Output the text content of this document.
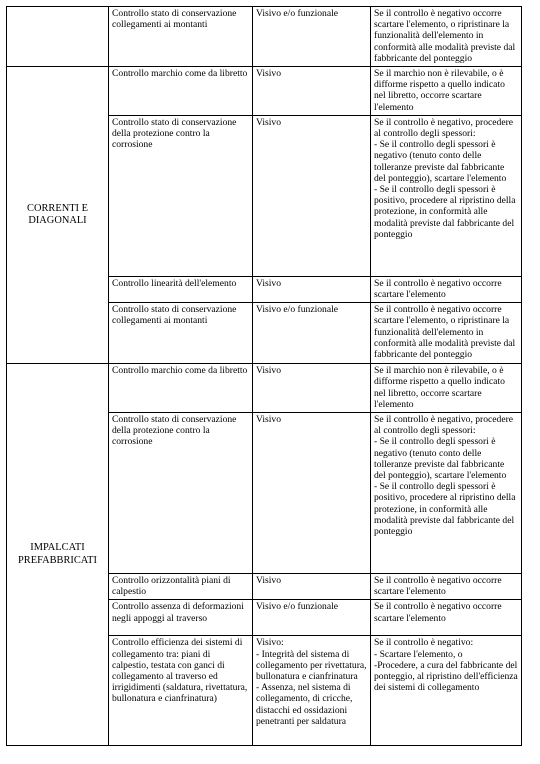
	Controllo stato di conservazione collegamenti ai montanti	Visivo e/o funzionale	Se il controllo è negativo occorre scartare l'elemento, o ripristinare la funzionalità dell'elemento in conformità alle modalità previste dal fabbricante del ponteggio
CORRENTI E DIAGONALI	Controllo marchio come da libretto	Visivo	Se il marchio non è rilevabile, o è difforme rispetto a quello indicato nel libretto, occorre scartare l'elemento
	Controllo stato di conservazione della protezione contro la corrosione	Visivo	Se il controllo è negativo, procedere al controllo degli spessori:
- Se il controllo degli spessori è negativo (tenuto conto delle tolleranze previste dal fabbricante del ponteggio), scartare l'elemento
- Se il controllo degli spessori è positivo, procedere al ripristino della protezione, in conformità alle modalità previste dal fabbricante del ponteggio

	Controllo linearità dell'elemento	Visivo	Se il controllo è negativo occorre scartare l'elemento
	Controllo stato di conservazione collegamenti ai montanti	Visivo e/o funzionale	Se il controllo è negativo occorre scartare l'elemento, o ripristinare la funzionalità dell'elemento in conformità alle modalità previste dal fabbricante del ponteggio
IMPALCATI PREFABBRICATI	Controllo marchio come da libretto	Visivo	Se il marchio non è rilevabile, o è difforme rispetto a quello indicato nel libretto, occorre scartare l'elemento
	Controllo stato di conservazione della protezione contro la corrosione	Visivo	Se il controllo è negativo, procedere al controllo degli spessori:
- Se il controllo degli spessori è negativo (tenuto conto delle tolleranze previste dal fabbricante del ponteggio), scartare l'elemento
- Se il controllo degli spessori è positivo, procedere al ripristino della protezione, in conformità alle modalità previste dal fabbricante del ponteggio

	Controllo orizzontalità piani di calpestio	Visivo	Se il controllo è negativo occorre scartare l'elemento
	Controllo assenza di deformazioni negli appoggi al traverso	Visivo e/o funzionale	Se il controllo è negativo occorre scartare l'elemento
	Controllo efficienza dei sistemi di collegamento tra: piani di calpestio, testata con ganci di collegamento al traverso ed irrigidimenti (saldatura, rivettatura, bullonatura e cianfrinatura)	Visivo:
- Integrità del sistema di collegamento per rivettatura, bullonatura e cianfrinatura
- Assenza, nel sistema di collegamento, di cricche, distacchi ed ossidazioni penetranti per saldatura	Se il controllo è negativo:
- Scartare l'elemento, o
-Procedere, a cura del fabbricante del ponteggio, al ripristino dell'efficienza dei sistemi di collegamento
